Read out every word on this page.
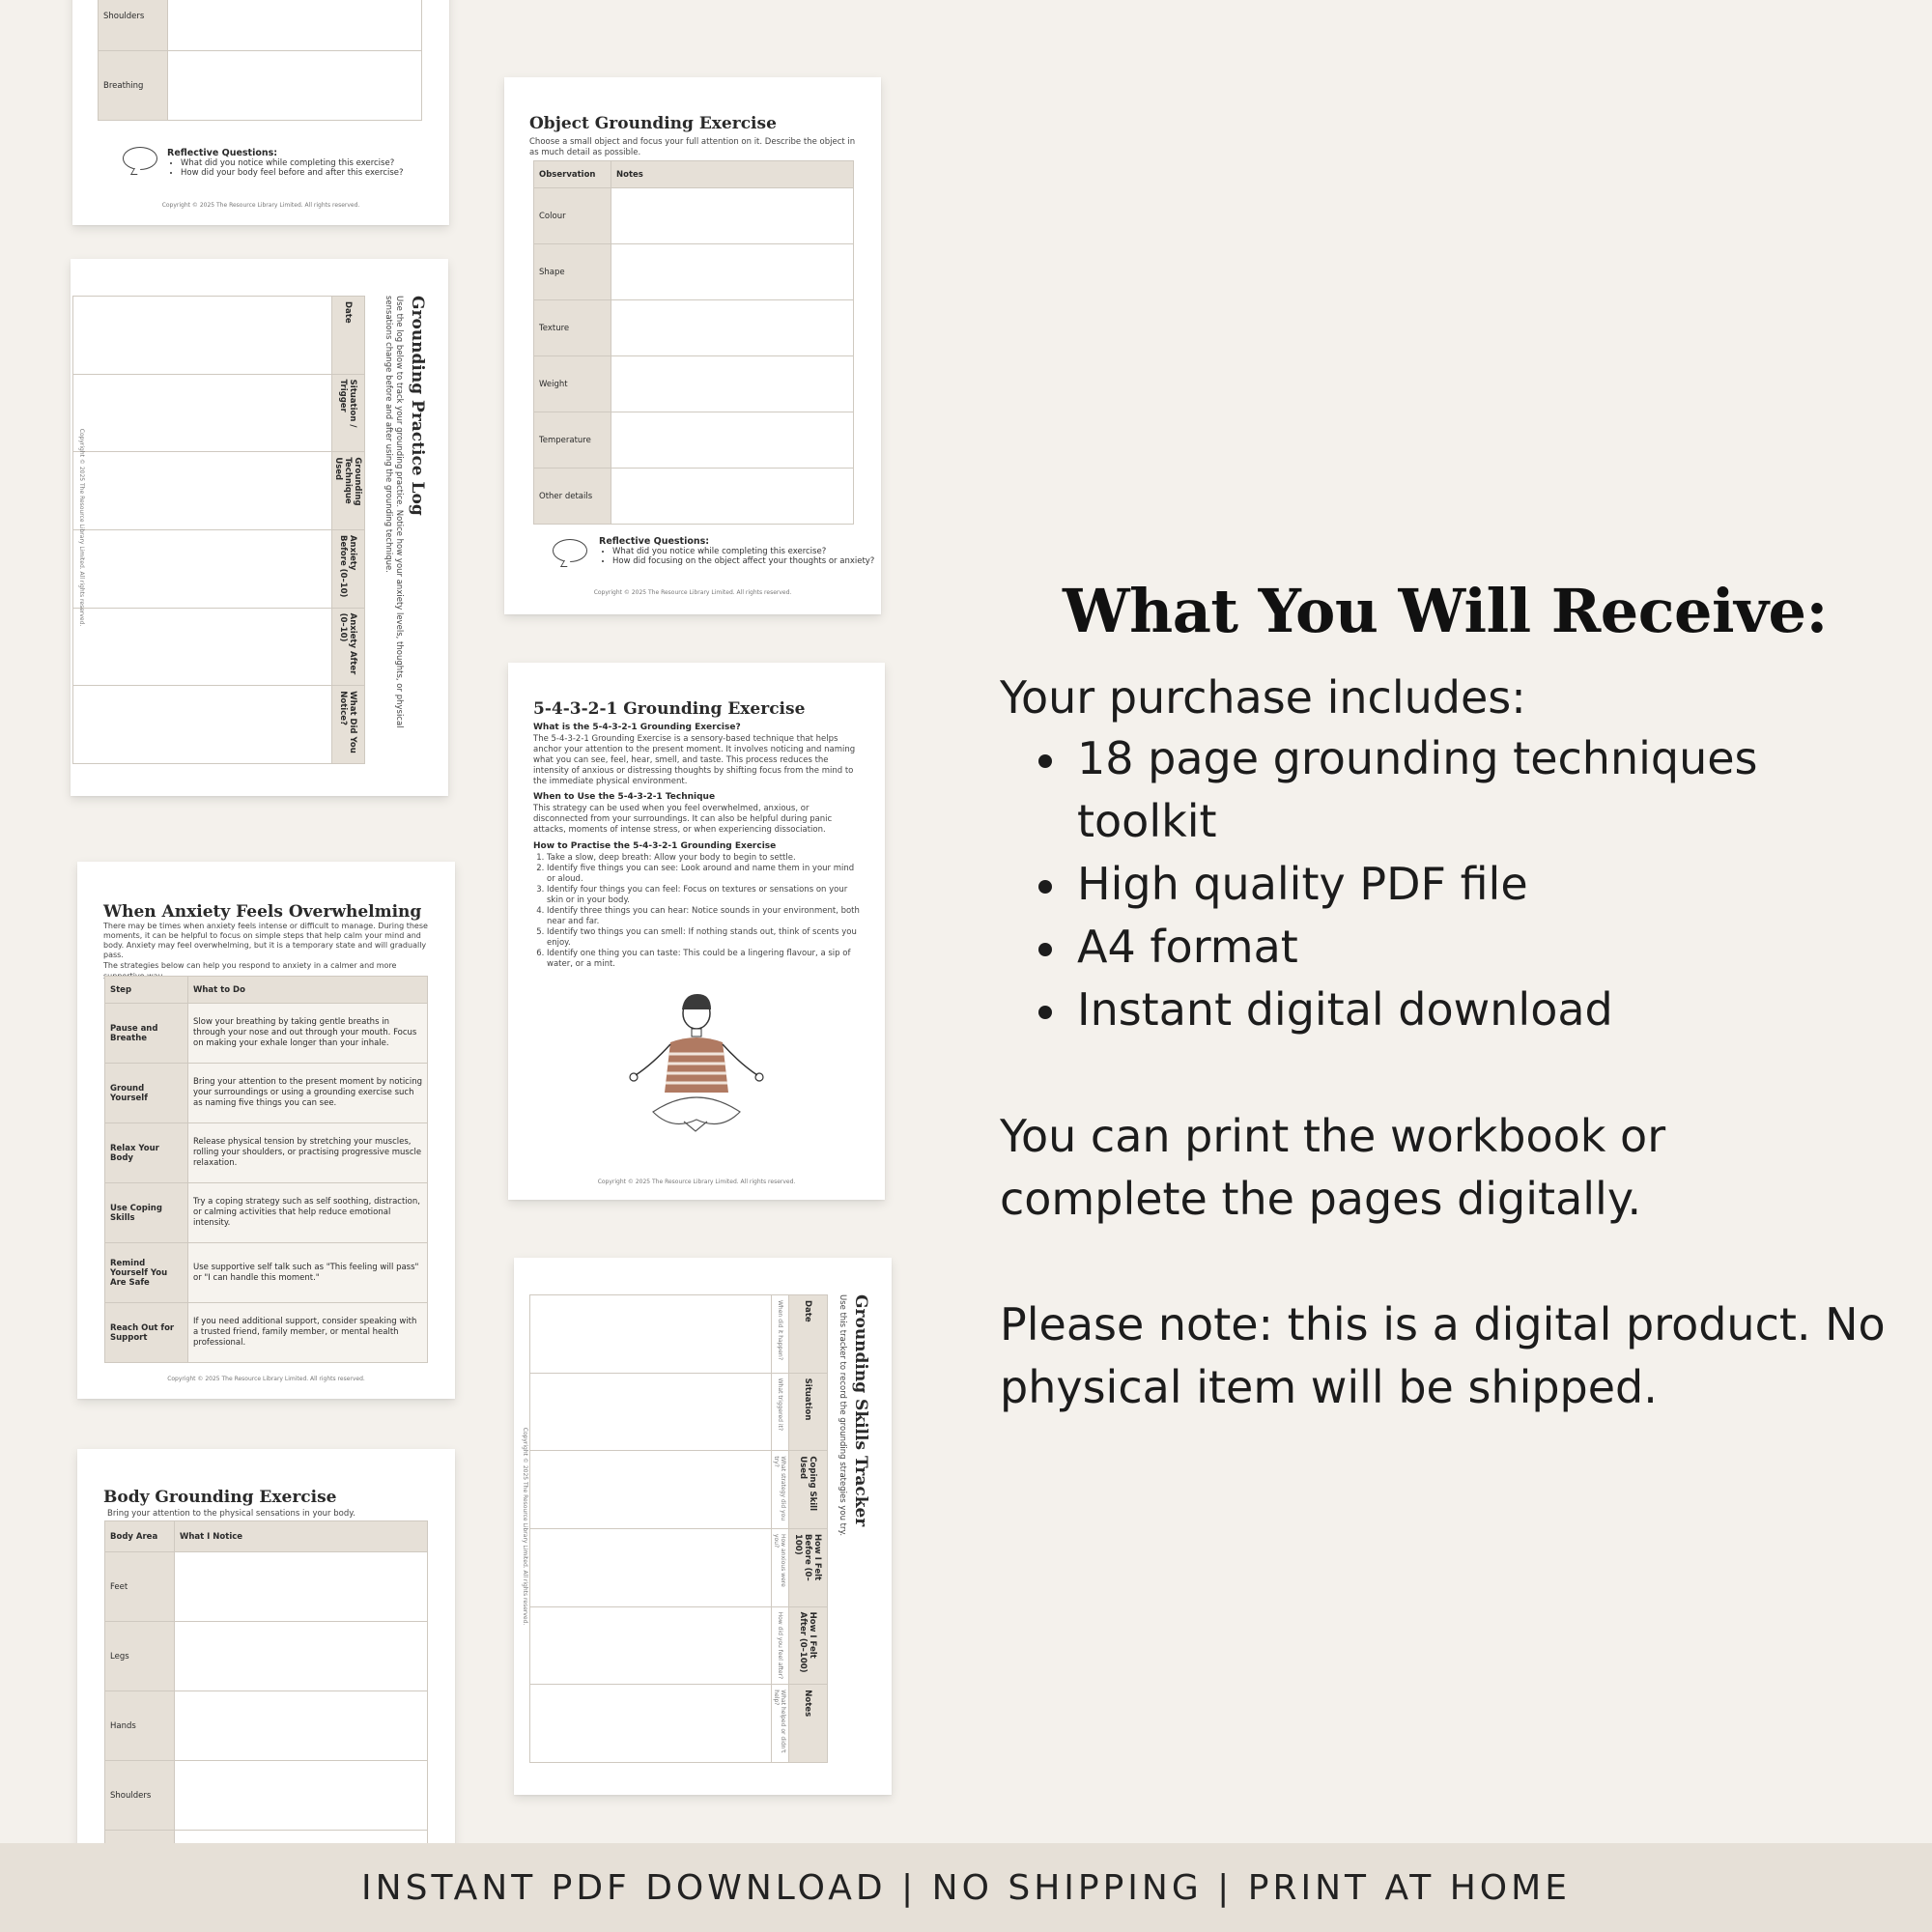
Shoulders	
Breathing	
Reflective Questions:
• What did you notice while completing this exercise?
• How did your body feel before and after this exercise?
Copyright © 2025 The Resource Library Limited. All rights reserved.
Object Grounding Exercise
Choose a small object and focus your full attention on it. Describe the object in as much detail as possible.
Observation	Notes
Colour	
Shape	
Texture	
Weight	
Temperature	
Other details	
Reflective Questions:
• What did you notice while completing this exercise?
• How did focusing on the object affect your thoughts or anxiety?
Copyright © 2025 The Resource Library Limited. All rights reserved.
Grounding Practice Log
Use the log below to track your grounding practice. Notice how your anxiety levels, thoughts, or physical sensations change before and after using the grounding technique.
Date	Situation / Trigger	Grounding Technique Used	Anxiety Before (0–10)	Anxiety After (0–10)	What Did You Notice?

Copyright © 2025 The Resource Library Limited. All rights reserved.
5-4-3-2-1 Grounding Exercise
What is the 5-4-3-2-1 Grounding Exercise?
The 5-4-3-2-1 Grounding Exercise is a sensory-based technique that helps anchor your attention to the present moment. It involves noticing and naming what you can see, feel, hear, smell, and taste. This process reduces the intensity of anxious or distressing thoughts by shifting focus from the mind to the immediate physical environment.
When to Use the 5-4-3-2-1 Technique
This strategy can be used when you feel overwhelmed, anxious, or disconnected from your surroundings. It can also be helpful during panic attacks, moments of intense stress, or when experiencing dissociation.
How to Practise the 5-4-3-2-1 Grounding Exercise
1. Take a slow, deep breath: Allow your body to begin to settle.
2. Identify five things you can see: Look around and name them in your mind or aloud.
3. Identify four things you can feel: Focus on textures or sensations on your skin or in your body.
4. Identify three things you can hear: Notice sounds in your environment, both near and far.
5. Identify two things you can smell: If nothing stands out, think of scents you enjoy.
6. Identify one thing you can taste: This could be a lingering flavour, a sip of water, or a mint.
Copyright © 2025 The Resource Library Limited. All rights reserved.
When Anxiety Feels Overwhelming
There may be times when anxiety feels intense or difficult to manage. During these moments, it can be helpful to focus on simple steps that help calm your mind and body. Anxiety may feel overwhelming, but it is a temporary state and will gradually pass.
The strategies below can help you respond to anxiety in a calmer and more
Step	What to Do
Pause and Breathe	Slow your breathing by taking gentle breaths in through your nose and out through your mouth. Focus on making your exhale longer than your inhale.
Ground Yourself	Bring your attention to the present moment by noticing your surroundings or using a grounding exercise such as naming five things you can see.
Relax Your Body	Release physical tension by stretching your muscles, rolling your shoulders, or practising progressive muscle relaxation.
Use Coping Skills	Try a coping strategy such as self soothing, distraction, or calming activities that help reduce emotional intensity.
Remind Yourself You Are Safe	Use supportive self talk such as "This feeling will pass" or "I can handle this moment."
Reach Out for Support	If you need additional support, consider speaking with a trusted friend, family member, or mental health professional.
Copyright © 2025 The Resource Library Limited. All rights reserved.	Grounding Skills Tracker
Use this tracker to record the grounding strategies you try.
Date	Situation	Coping Skill Used	How I Felt Before (0–100)	How I Felt After (0–100)	Notes
When did it happen?	What triggered it?	What strategy did you try?	How anxious were you?	How did you feel after?	What helped or didn't help?

Copyright © 2025 The Resource Library Limited. All rights reserved.
Body Grounding Exercise
Bring your attention to the physical sensations in your body.
Body Area	What I Notice
Feet	
Legs	
Hands	
Shoulders	

What You Will Receive:
Your purchase includes:
18 page grounding techniques toolkit
High quality PDF file
A4 format
Instant digital download
You can print the workbook or complete the pages digitally.
Please note: this is a digital product. No physical item will be shipped.
INSTANT PDF DOWNLOAD | NO SHIPPING | PRINT AT HOME
